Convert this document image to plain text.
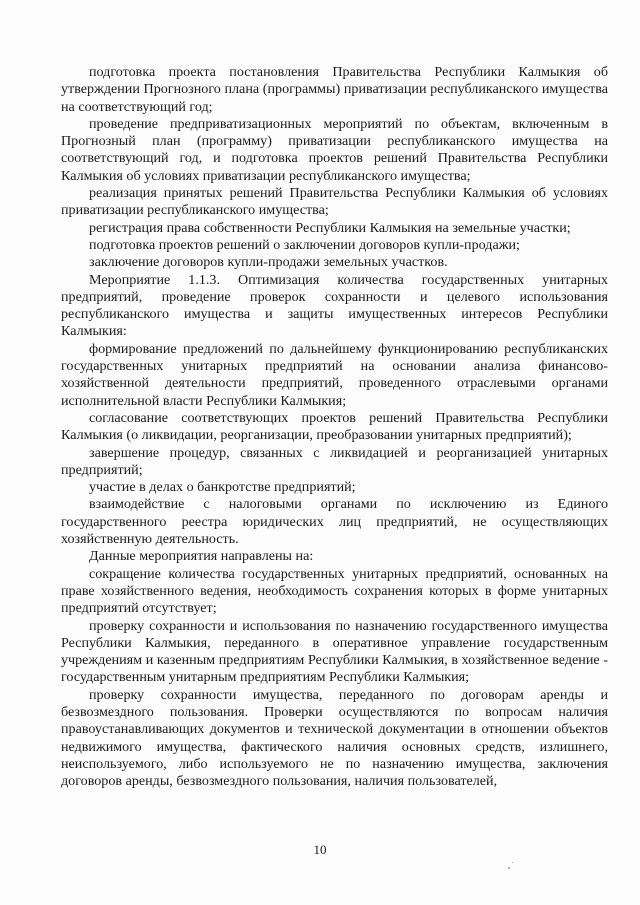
подготовка проекта постановления Правительства Республики Калмыкия об утверждении Прогнозного плана (программы) приватизации республиканского имущества на соответствующий год;

проведение предприватизационных мероприятий по объектам, включенным в Прогнозный план (программу) приватизации республиканского имущества на соответствующий год, и подготовка проектов решений Правительства Республики Калмыкия об условиях приватизации республиканского имущества;

реализация принятых решений Правительства Республики Калмыкия об условиях приватизации республиканского имущества;

регистрация права собственности Республики Калмыкия на земельные участки;

подготовка проектов решений о заключении договоров купли-продажи;

заключение договоров купли-продажи земельных участков.

Мероприятие 1.1.3. Оптимизация количества государственных унитарных предприятий, проведение проверок сохранности и целевого использования республиканского имущества и защиты имущественных интересов Республики Калмыкия:

формирование предложений по дальнейшему функционированию республиканских государственных унитарных предприятий на основании анализа финансово-хозяйственной деятельности предприятий, проведенного отраслевыми органами исполнительной власти Республики Калмыкия;

согласование соответствующих проектов решений Правительства Республики Калмыкия (о ликвидации, реорганизации, преобразовании унитарных предприятий);

завершение процедур, связанных с ликвидацией и реорганизацией унитарных предприятий;

участие в делах о банкротстве предприятий;

взаимодействие с налоговыми органами по исключению из Единого государственного реестра юридических лиц предприятий, не осуществляющих хозяйственную деятельность.

Данные мероприятия направлены на:

сокращение количества государственных унитарных предприятий, основанных на праве хозяйственного ведения, необходимость сохранения которых в форме унитарных предприятий отсутствует;

проверку сохранности и использования по назначению государственного имущества Республики Калмыкия, переданного в оперативное управление государственным учреждениям и казенным предприятиям Республики Калмыкия, в хозяйственное ведение - государственным унитарным предприятиям Республики Калмыкия;

проверку сохранности имущества, переданного по договорам аренды и безвозмездного пользования. Проверки осуществляются по вопросам наличия правоустанавливающих документов и технической документации в отношении объектов недвижимого имущества, фактического наличия основных средств, излишнего, неиспользуемого, либо используемого не по назначению имущества, заключения договоров аренды, безвозмездного пользования, наличия пользователей,

10
